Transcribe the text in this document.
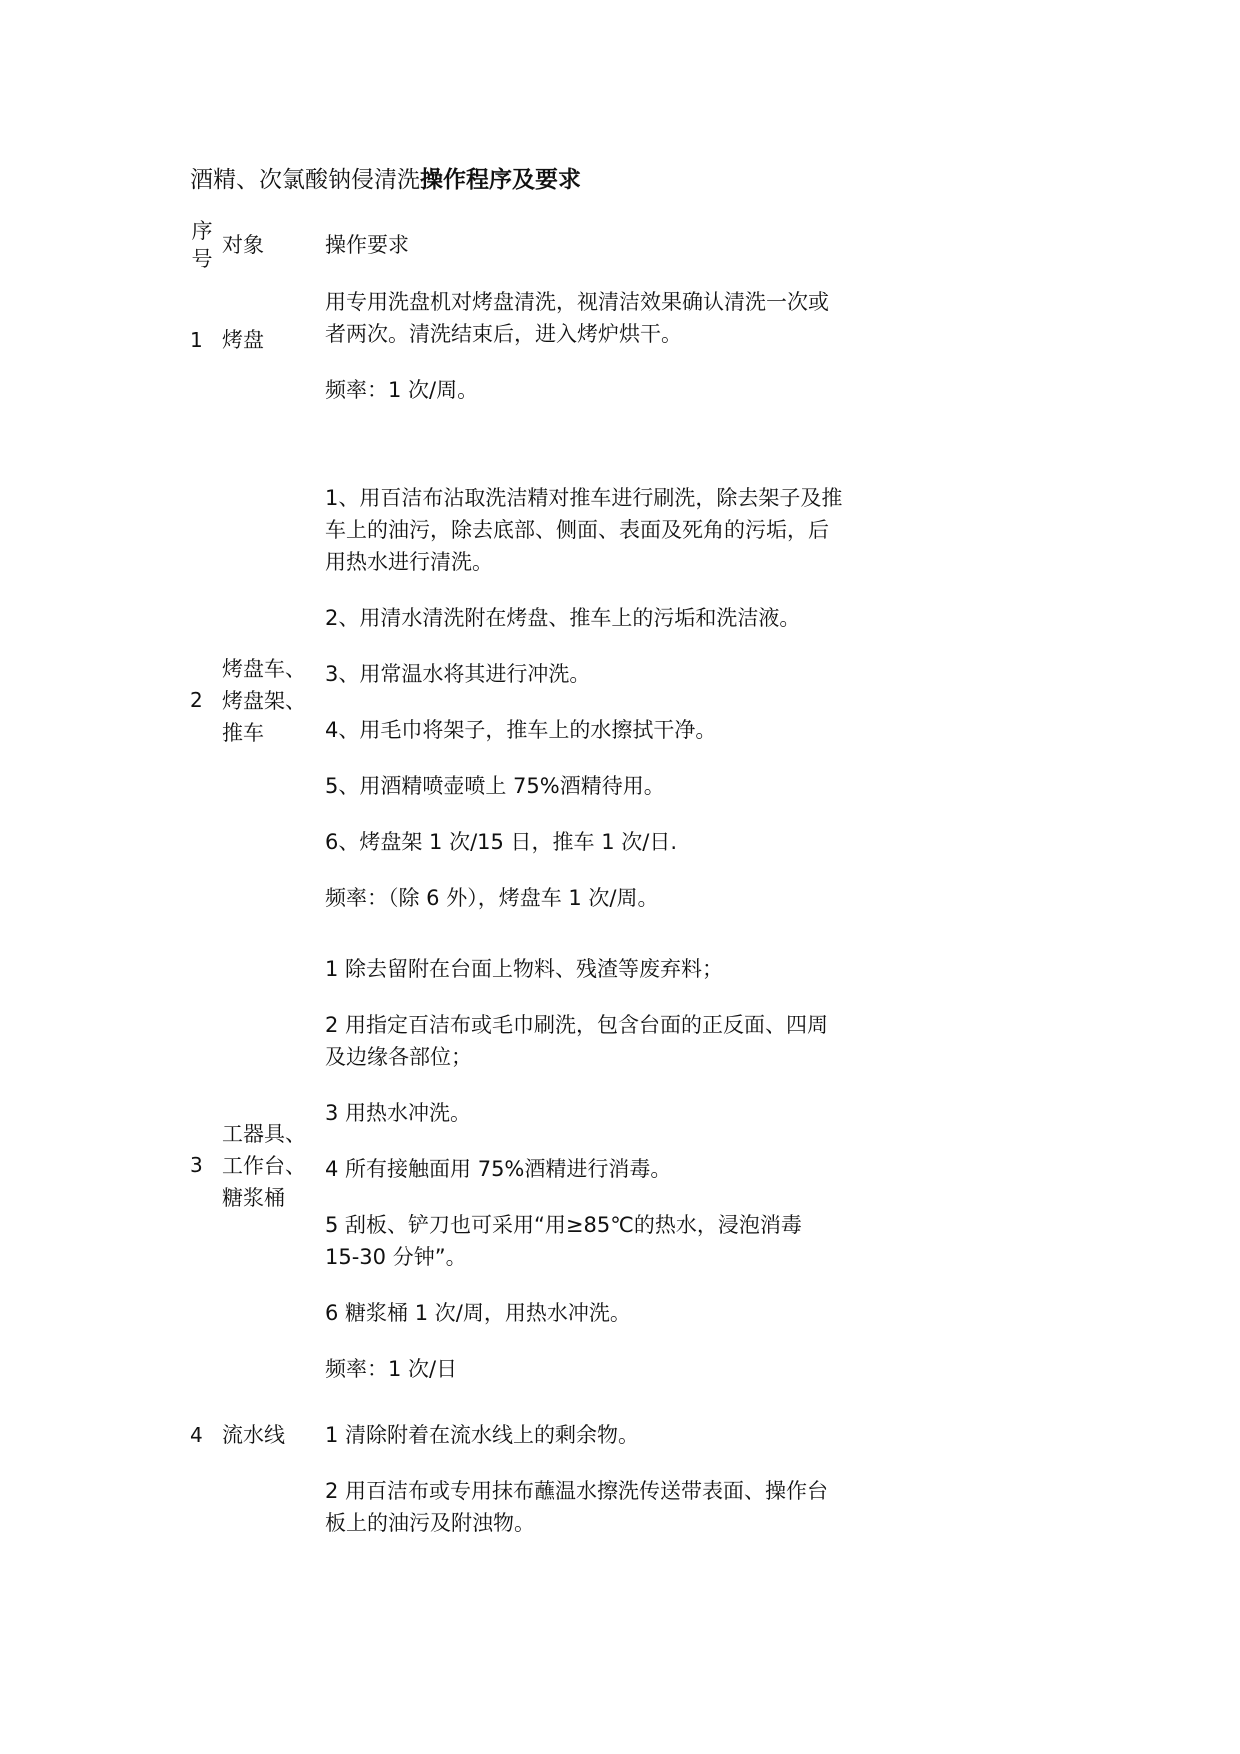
酒精、次氯酸钠侵清洗操作程序及要求
序
号
对象	操作要求
1 烤盘

用专用洗盘机对烤盘清洗，视清洁效果确认清洗一次或
者两次。清洗结束后，进入烤炉烘干。

频率：1 次/周。

2
烤盘车、
烤盘架、
推车

1、用百洁布沾取洗洁精对推车进行刷洗，除去架子及推
车上的油污，除去底部、侧面、表面及死角的污垢，后
用热水进行清洗。

2、用清水清洗附在烤盘、推车上的污垢和洗洁液。

3、用常温水将其进行冲洗。

4、用毛巾将架子，推车上的水擦拭干净。

5、用酒精喷壶喷上 75%酒精待用。

6、烤盘架 1 次/15 日，推车 1 次/日.

频率：（除 6 外），烤盘车 1 次/周。

3
工器具、
工作台、
糖浆桶

1 除去留附在台面上物料、残渣等废弃料；

2 用指定百洁布或毛巾刷洗，包含台面的正反面、四周
及边缘各部位；

3 用热水冲洗。

4 所有接触面用 75%酒精进行消毒。

5 刮板、铲刀也可采用“用≥85℃的热水，浸泡消毒
15-30 分钟”。

6 糖浆桶 1 次/周，用热水冲洗。

频率：1 次/日

4 流水线	1 清除附着在流水线上的剩余物。

2 用百洁布或专用抹布蘸温水擦洗传送带表面、操作台
板上的油污及附浊物。
